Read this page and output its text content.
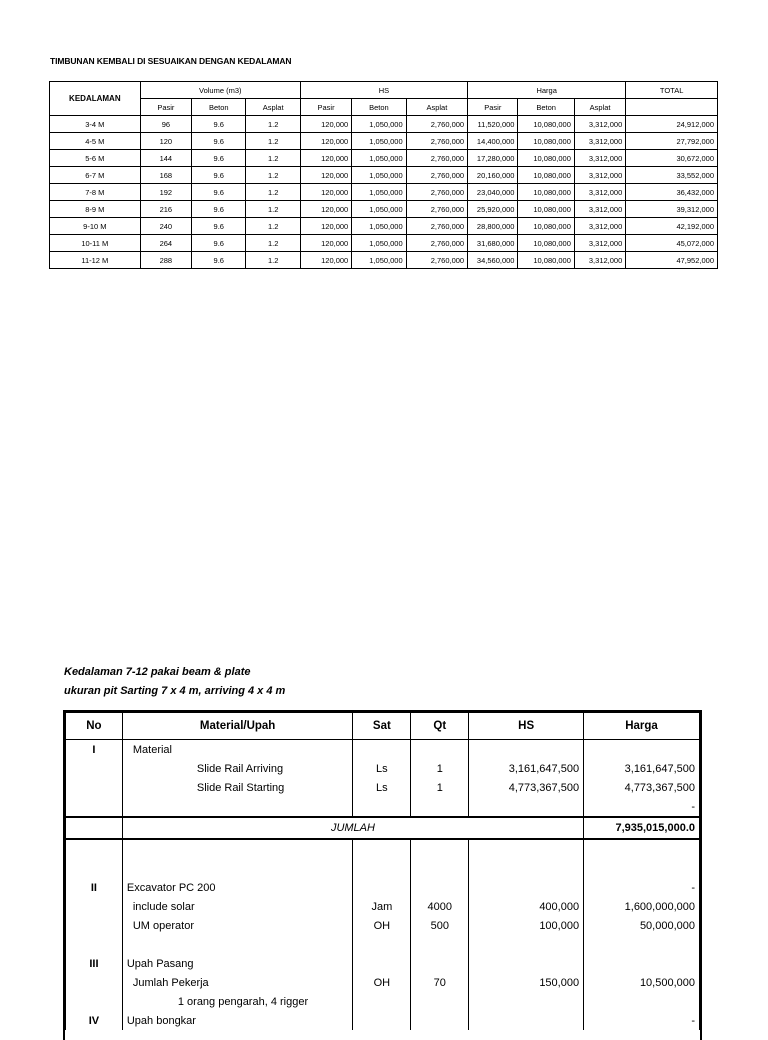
TIMBUNAN KEMBALI DI SESUAIKAN DENGAN KEDALAMAN
KEDALAMAN	Volume (m3)			HS			Harga			TOTAL
	Pasir	Beton	Asplat	Pasir	Beton	Asplat	Pasir	Beton	Asplat	
3-4 M	96	9.6	1.2	120,000	1,050,000	2,760,000	11,520,000	10,080,000	3,312,000	24,912,000
4-5 M	120	9.6	1.2	120,000	1,050,000	2,760,000	14,400,000	10,080,000	3,312,000	27,792,000
5-6 M	144	9.6	1.2	120,000	1,050,000	2,760,000	17,280,000	10,080,000	3,312,000	30,672,000
6-7 M	168	9.6	1.2	120,000	1,050,000	2,760,000	20,160,000	10,080,000	3,312,000	33,552,000
7-8 M	192	9.6	1.2	120,000	1,050,000	2,760,000	23,040,000	10,080,000	3,312,000	36,432,000
8-9 M	216	9.6	1.2	120,000	1,050,000	2,760,000	25,920,000	10,080,000	3,312,000	39,312,000
9-10 M	240	9.6	1.2	120,000	1,050,000	2,760,000	28,800,000	10,080,000	3,312,000	42,192,000
10-11 M	264	9.6	1.2	120,000	1,050,000	2,760,000	31,680,000	10,080,000	3,312,000	45,072,000
11-12 M	288	9.6	1.2	120,000	1,050,000	2,760,000	34,560,000	10,080,000	3,312,000	47,952,000
Kedalaman 7-12 pakai beam & plate
ukuran pit Sarting 7 x 4 m, arriving 4 x 4 m
No	Material/Upah	Sat	Qt	HS	Harga
I	Material				
	Slide Rail Arriving	Ls	1	3,161,647,500	3,161,647,500
	Slide Rail Starting	Ls	1	4,773,367,500	4,773,367,500
					-
	JUMLAH				7,935,015,000.0

II	Excavator PC 200				-
	include solar	Jam	4000	400,000	1,600,000,000
	UM operator	OH	500	100,000	50,000,000

III	Upah Pasang				
	Jumlah Pekerja	OH	70	150,000	10,500,000
	1 orang pengarah, 4 rigger				
IV	Upah bongkar				-
